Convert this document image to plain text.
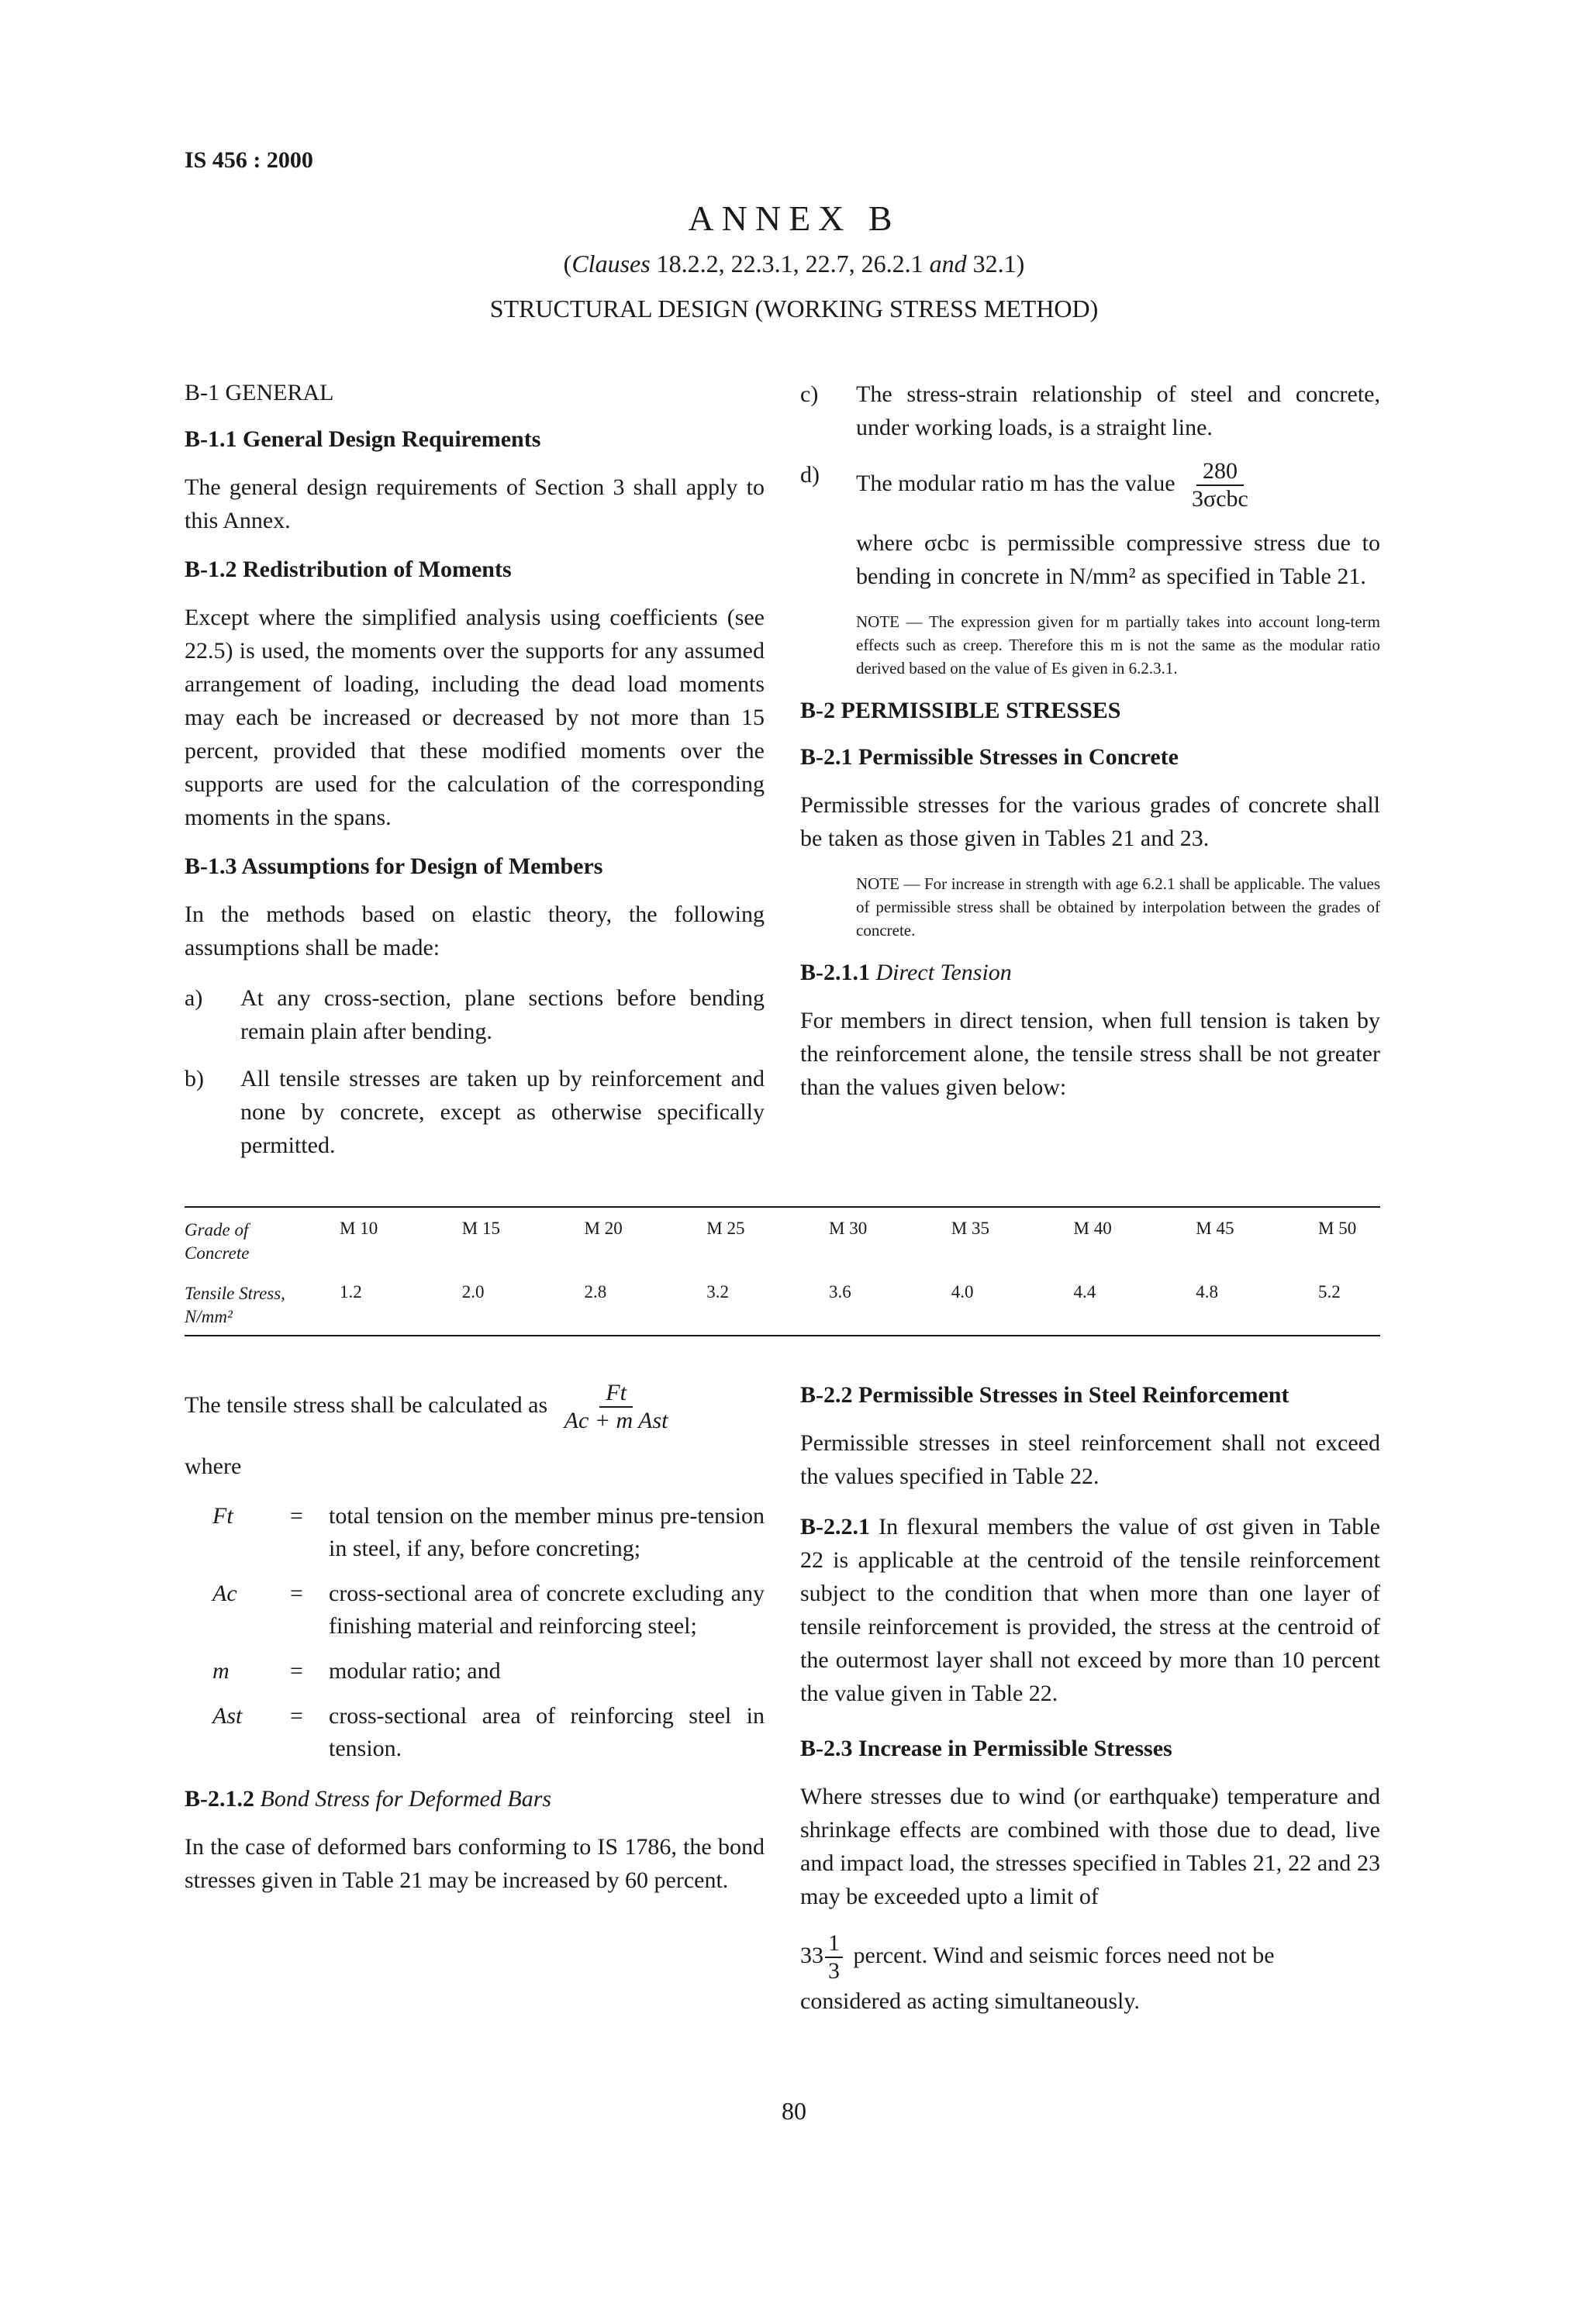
IS 456 : 2000
ANNEX B
(Clauses 18.2.2, 22.3.1, 22.7, 26.2.1 and 32.1)
STRUCTURAL DESIGN (WORKING STRESS METHOD)
B-1 GENERAL
B-1.1 General Design Requirements

The general design requirements of Section 3 shall apply to this Annex.

B-1.2 Redistribution of Moments

Except where the simplified analysis using coefficients (see 22.5) is used, the moments over the supports for any assumed arrangement of loading, including the dead load moments may each be increased or decreased by not more than 15 percent, provided that these modified moments over the supports are used for the calculation of the corresponding moments in the spans.

B-1.3 Assumptions for Design of Members

In the methods based on elastic theory, the following assumptions shall be made:

a)	At any cross-section, plane sections before bending remain plain after bending.
b)	All tensile stresses are taken up by reinforcement and none by concrete, except as otherwise specifically permitted.
c)	The stress-strain relationship of steel and concrete, under working loads, is a straight line.
d)	The modular ratio m has the value $\frac{280}{\text{3σcbc}}$

where σcbc is permissible compressive stress due to bending in concrete in N/mm² as specified in Table 21.

NOTE — The expression given for m partially takes into account long-term effects such as creep. Therefore this m is not the same as the modular ratio derived based on the value of Es given in 6.2.3.1.

B-2 PERMISSIBLE STRESSES
B-2.1 Permissible Stresses in Concrete

Permissible stresses for the various grades of concrete shall be taken as those given in Tables 21 and 23.

NOTE — For increase in strength with age 6.2.1 shall be applicable. The values of permissible stress shall be obtained by interpolation between the grades of concrete.

B-2.1.1 Direct Tension

For members in direct tension, when full tension is taken by the reinforcement alone, the tensile stress shall be not greater than the values given below:

Grade of
Concrete	M 10	M 15	M 20	M 25	M 30	M 35	M 40	M 45	M 50
Tensile Stress,
N/mm²	1.2	2.0	2.8	3.2	3.6	4.0	4.4	4.8	5.2
The tensile stress shall be calculated as $\frac{Ft}{\text{Ac + m Ast}}$

where

Ft	=	total tension on the member minus pre-tension in steel, if any, before concreting;
Ac	=	cross-sectional area of concrete excluding any finishing material and reinforcing steel;
m	=	modular ratio; and
Ast	=	cross-sectional area of reinforcing steel in tension.
B-2.1.2 Bond Stress for Deformed Bars

In the case of deformed bars conforming to IS 1786, the bond stresses given in Table 21 may be increased by 60 percent.

B-2.2 Permissible Stresses in Steel Reinforcement

Permissible stresses in steel reinforcement shall not exceed the values specified in Table 22.

B-2.2.1 In flexural members the value of σst given in Table 22 is applicable at the centroid of the tensile reinforcement subject to the condition that when more than one layer of tensile reinforcement is provided, the stress at the centroid of the outermost layer shall not exceed by more than 10 percent the value given in Table 22.

B-2.3 Increase in Permissible Stresses

Where stresses due to wind (or earthquake) temperature and shrinkage effects are combined with those due to dead, live and impact load, the stresses specified in Tables 21, 22 and 23 may be exceeded upto a limit of

$33 \frac{1}{3}$ percent. Wind and seismic forces need not be considered as acting simultaneously.
80
